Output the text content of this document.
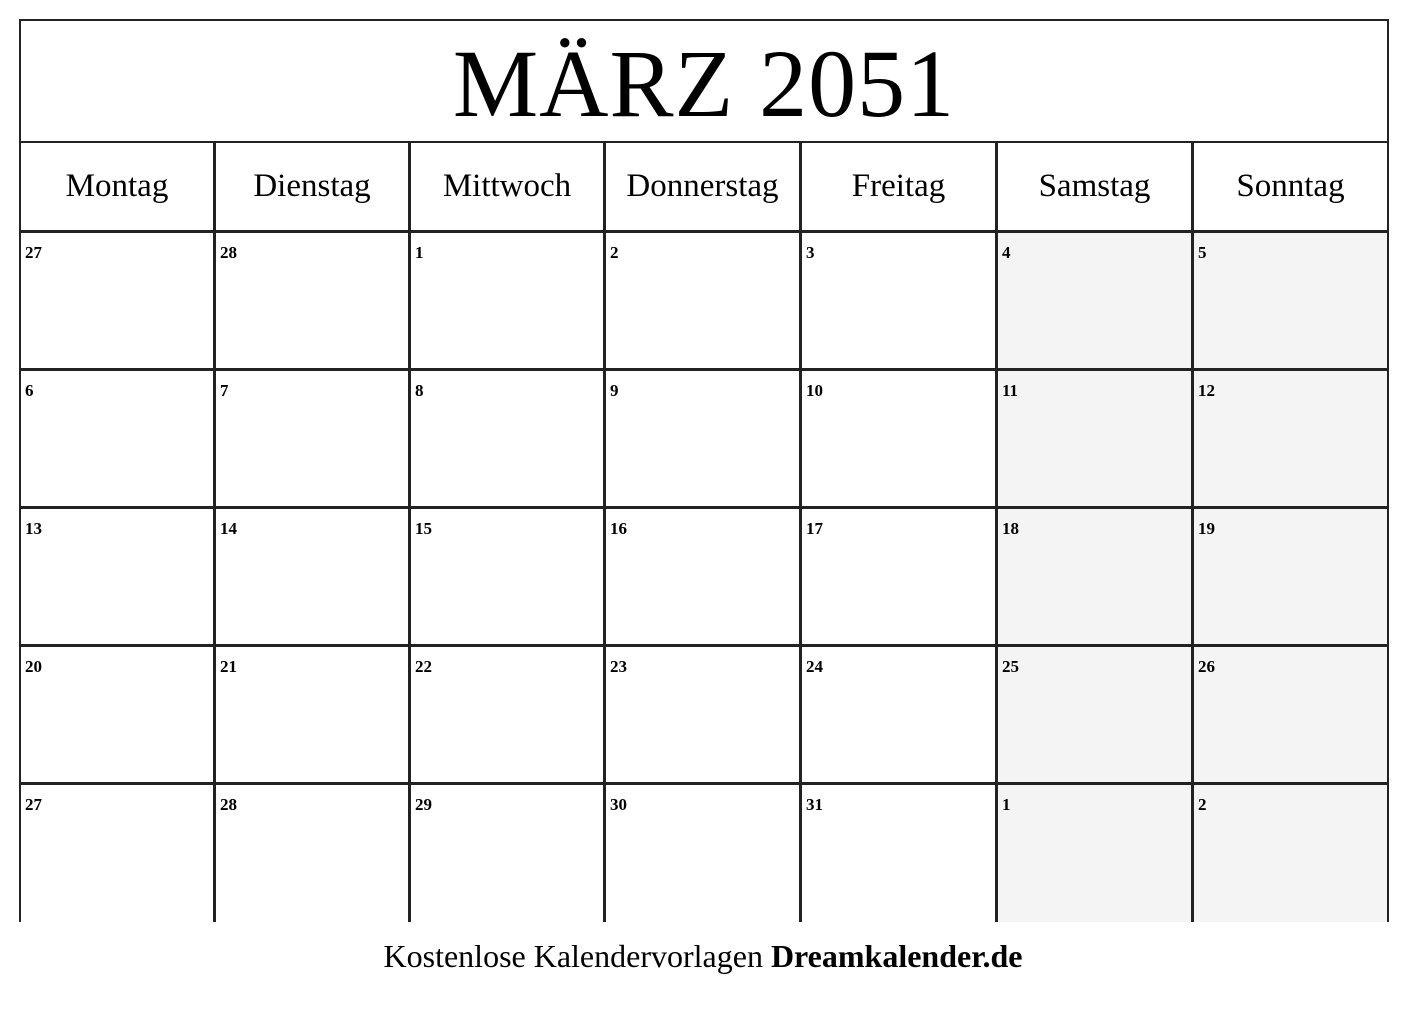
MÄRZ 2051
Montag	Dienstag	Mittwoch	Donnerstag	Freitag	Samstag	Sonntag
27	28	1	2	3	4	5
6	7	8	9	10	11	12
13	14	15	16	17	18	19
20	21	22	23	24	25	26
27	28	29	30	31	1	2
Kostenlose Kalendervorlagen Dreamkalender.de
